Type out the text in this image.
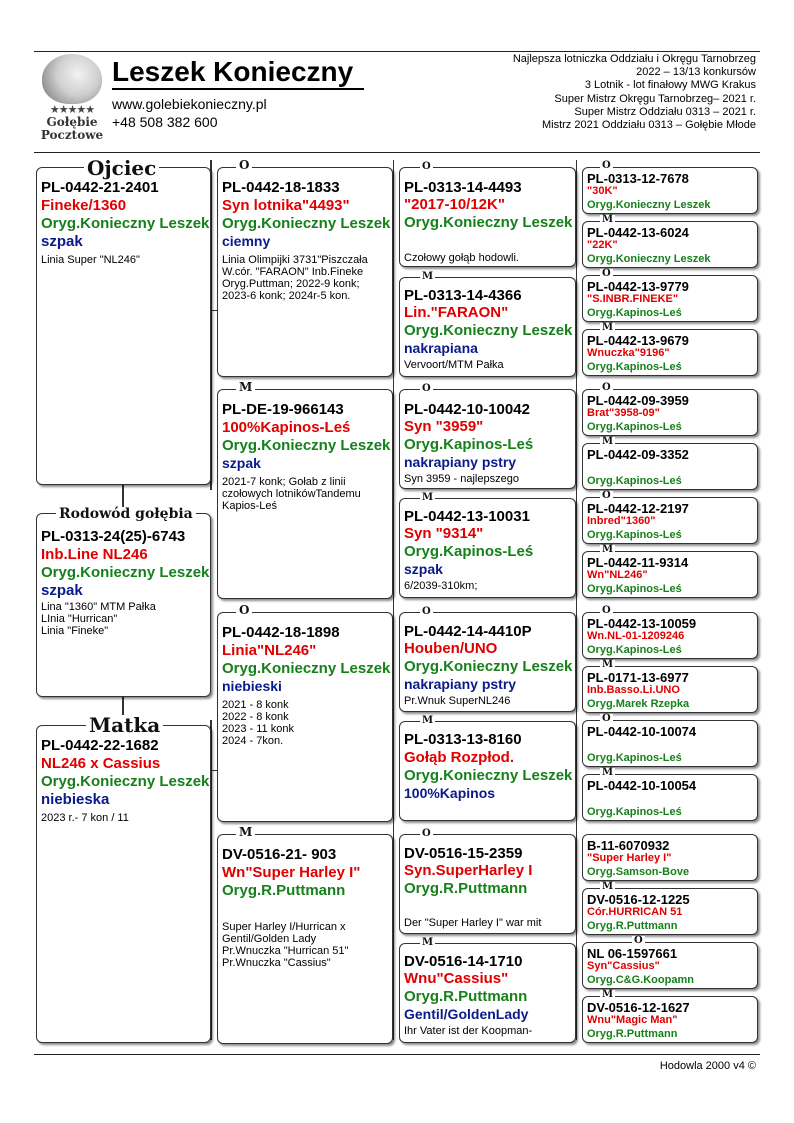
★★★★★
Gołębie
Pocztowe
Leszek Konieczny
www.golebiekonieczny.pl
+48 508 382 600
Najlepsza lotniczka Oddziału i Okręgu Tarnobrzeg
2022 – 13/13 konkursów
3 Lotnik - lot finałowy MWG Krakus
Super Mistrz Okręgu Tarnobrzeg– 2021 r.
Super Mistrz Oddziału 0313 – 2021 r.
Mistrz 2021 Oddziału 0313 – Gołębie Młode
PL-0442-21-2401
Fineke/1360
Oryg.Konieczny Leszek
szpak
Linia Super "NL246"
Ojciec
PL-0313-24(25)-6743
Inb.Line NL246
Oryg.Konieczny Leszek
szpak
Lina "1360" MTM Pałka
LInia "Hurrican"
Linia "Fineke"
Rodowód gołębia
PL-0442-22-1682
NL246 x Cassius
Oryg.Konieczny Leszek
niebieska
2023 r.- 7 kon / 11
Matka
PL-0442-18-1833
Syn lotnika"4493"
Oryg.Konieczny Leszek
ciemny
Linia Olimpijki 3731"Piszczała W.cór. "FARAON" Inb.Fineke Oryg.Puttman; 2022-9 konk; 2023-6 konk; 2024r-5 kon.
O
PL-DE-19-966143
100%Kapinos-Leś
Oryg.Konieczny Leszek
szpak
2021-7 konk; Gołab z linii czołowych lotnikówTandemu Kapios-Leś
M
PL-0442-18-1898
Linia"NL246"
Oryg.Konieczny Leszek
niebieski
2021 - 8 konk
2022 - 8 konk
2023 - 11 konk
2024 - 7kon.
O
DV-0516-21- 903
Wn"Super Harley I"
Oryg.R.Puttmann
Super Harley I/Hurrican x Gentil/Golden Lady
Pr.Wnuczka "Hurrican 51"
Pr.Wnuczka "Cassius"
M
PL-0313-14-4493
"2017-10/12K"
Oryg.Konieczny Leszek
Czołowy gołąb hodowli.
O
PL-0313-14-4366
Lin."FARAON"
Oryg.Konieczny Leszek
nakrapiana
Vervoort/MTM Pałka
M
PL-0442-10-10042
Syn "3959"
Oryg.Kapinos-Leś
nakrapiany pstry
Syn 3959 - najlepszego
O
PL-0442-13-10031
Syn "9314"
Oryg.Kapinos-Leś
szpak
6/2039-310km;
M
PL-0442-14-4410P
Houben/UNO
Oryg.Konieczny Leszek
nakrapiany pstry
Pr.Wnuk SuperNL246
O
PL-0313-13-8160
Gołąb Rozpłod.
Oryg.Konieczny Leszek
100%Kapinos
M
DV-0516-15-2359
Syn.SuperHarley I
Oryg.R.Puttmann
Der "Super Harley I" war mit
O
DV-0516-14-1710
Wnu"Cassius"
Oryg.R.Puttmann
Gentil/GoldenLady
Ihr Vater ist der Koopman-
M
PL-0313-12-7678
"30K"
Oryg.Konieczny Leszek
O
PL-0442-13-6024
"22K"
Oryg.Konieczny Leszek
M
PL-0442-13-9779
"S.INBR.FINEKE"
Oryg.Kapinos-Leś
O
PL-0442-13-9679
Wnuczka"9196"
Oryg.Kapinos-Leś
M
PL-0442-09-3959
Brat"3958-09"
Oryg.Kapinos-Leś
O
PL-0442-09-3352
Oryg.Kapinos-Leś
M
PL-0442-12-2197
Inbred"1360"
Oryg.Kapinos-Leś
O
PL-0442-11-9314
Wn"NL246"
Oryg.Kapinos-Leś
M
PL-0442-13-10059
Wn.NL-01-1209246
Oryg.Kapinos-Leś
O
PL-0171-13-6977
Inb.Basso.Li.UNO
Oryg.Marek Rzepka
M
PL-0442-10-10074
Oryg.Kapinos-Leś
O
PL-0442-10-10054
Oryg.Kapinos-Leś
M
B-11-6070932
"Super Harley I"
Oryg.Samson-Bove
DV-0516-12-1225
Cór.HURRICAN 51
Oryg.R.Puttmann
M
NL 06-1597661
Syn"Cassius"
Oryg.C&G.Koopamn
O
DV-0516-12-1627
Wnu"Magic Man"
Oryg.R.Puttmann
M
Hodowla 2000 v4 ©
